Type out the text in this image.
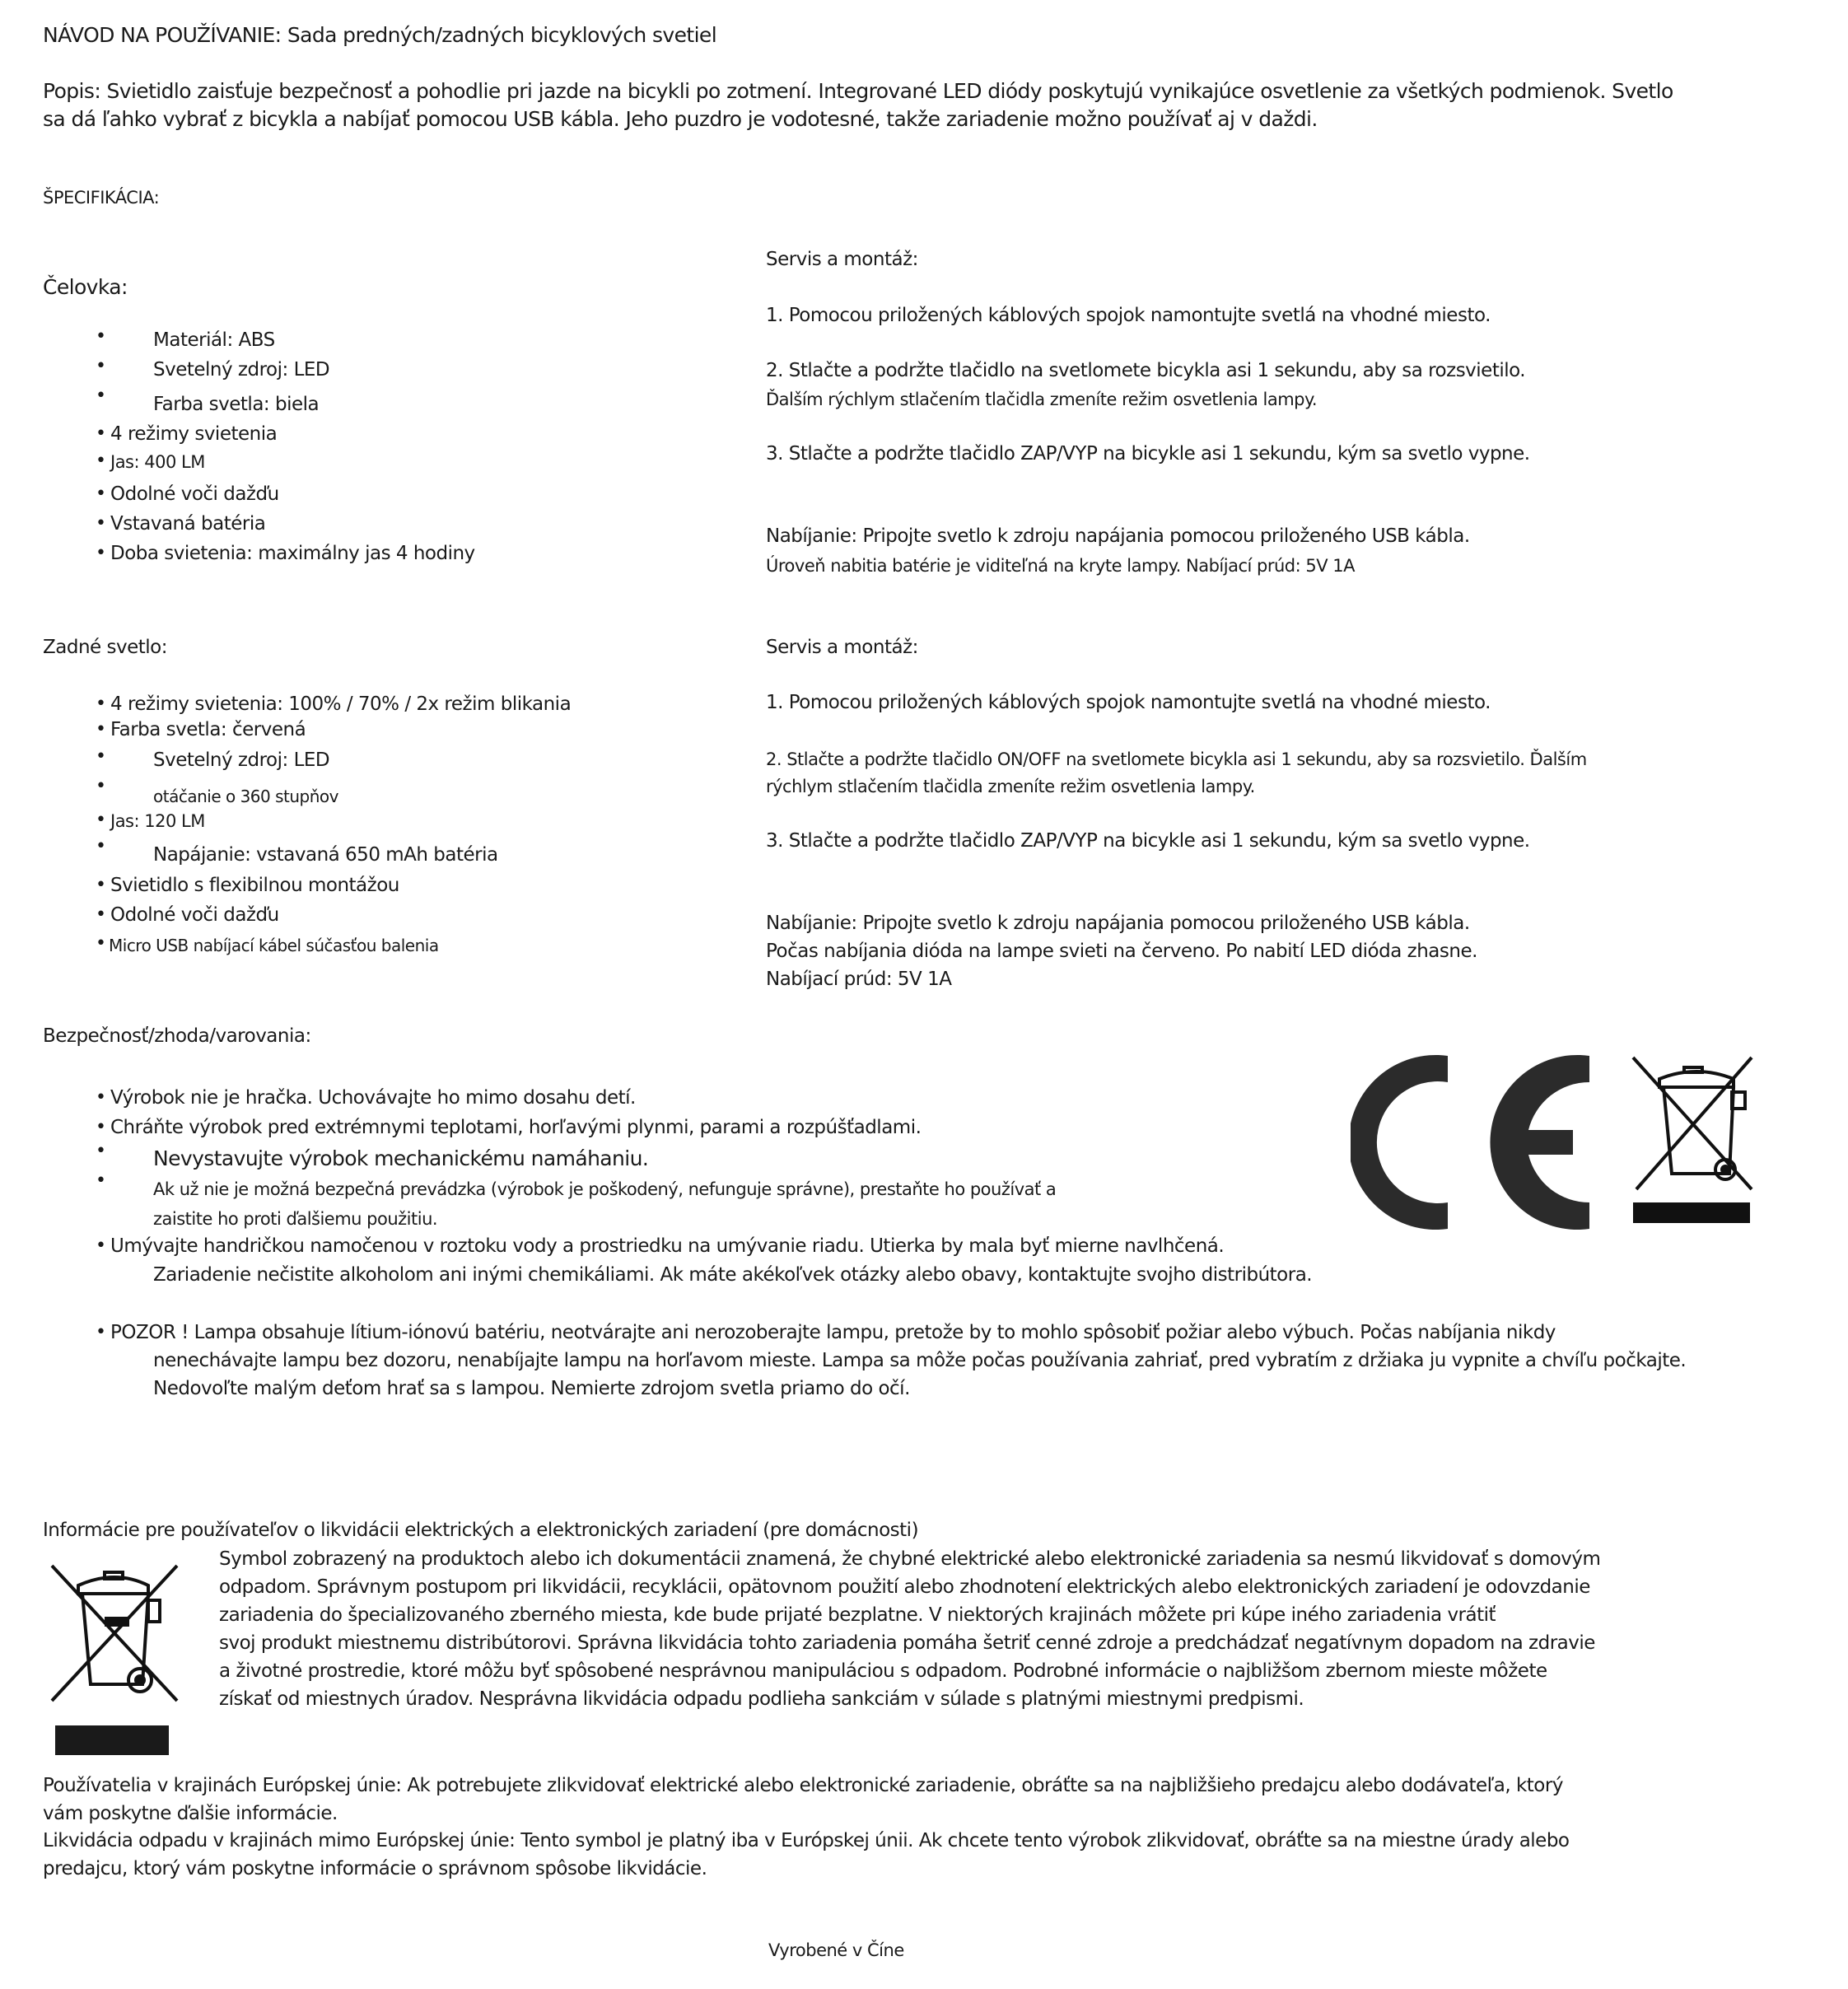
NÁVOD NA POUŽÍVANIE: Sada predných/zadných bicyklových svetiel
Popis: Svietidlo zaisťuje bezpečnosť a pohodlie pri jazde na bicykli po zotmení. Integrované LED diódy poskytujú vynikajúce osvetlenie za všetkých podmienok. Svetlo
sa dá ľahko vybrať z bicykla a nabíjať pomocou USB kábla. Jeho puzdro je vodotesné, takže zariadenie možno používať aj v daždi.
ŠPECIFIKÁCIA:
Čelovka:
• Materiál: ABS
• Svetelný zdroj: LED
• Farba svetla: biela
• 4 režimy svietenia
• Jas: 400 LM
• Odolné voči dažďu
• Vstavaná batéria
• Doba svietenia: maximálny jas 4 hodiny
Servis a montáž:
1. Pomocou priložených káblových spojok namontujte svetlá na vhodné miesto.
2. Stlačte a podržte tlačidlo na svetlomete bicykla asi 1 sekundu, aby sa rozsvietilo.
Ďalším rýchlym stlačením tlačidla zmeníte režim osvetlenia lampy.
3. Stlačte a podržte tlačidlo ZAP/VYP na bicykle asi 1 sekundu, kým sa svetlo vypne.
Nabíjanie: Pripojte svetlo k zdroju napájania pomocou priloženého USB kábla.
Úroveň nabitia batérie je viditeľná na kryte lampy. Nabíjací prúd: 5V 1A
Zadné svetlo:
• 4 režimy svietenia: 100% / 70% / 2x režim blikania
• Farba svetla: červená
• Svetelný zdroj: LED
•	otáčanie o 360 stupňov
• Jas: 120 LM
• Napájanie: vstavaná 650 mAh batéria
• Svietidlo s flexibilnou montážou
• Odolné voči dažďu
• Micro USB nabíjací kábel súčasťou balenia
Servis a montáž:
1. Pomocou priložených káblových spojok namontujte svetlá na vhodné miesto.
2. Stlačte a podržte tlačidlo ON/OFF na svetlomete bicykla asi 1 sekundu, aby sa rozsvietilo. Ďalším
rýchlym stlačením tlačidla zmeníte režim osvetlenia lampy.
3. Stlačte a podržte tlačidlo ZAP/VYP na bicykle asi 1 sekundu, kým sa svetlo vypne.
Nabíjanie: Pripojte svetlo k zdroju napájania pomocou priloženého USB kábla.
Počas nabíjania dióda na lampe svieti na červeno. Po nabití LED dióda zhasne.
Nabíjací prúd: 5V 1A
Bezpečnosť/zhoda/varovania:
• Výrobok nie je hračka. Uchovávajte ho mimo dosahu detí.
• Chráňte výrobok pred extrémnymi teplotami, horľavými plynmi, parami a rozpúšťadlami.
• Nevystavujte výrobok mechanickému namáhaniu.
•	Ak už nie je možná bezpečná prevádzka (výrobok je poškodený, nefunguje správne), prestaňte ho používať a
zaistite ho proti ďalšiemu použitiu.
• Umývajte handričkou namočenou v roztoku vody a prostriedku na umývanie riadu. Utierka by mala byť mierne navlhčená.
Zariadenie nečistite alkoholom ani inými chemikáliami. Ak máte akékoľvek otázky alebo obavy, kontaktujte svojho distribútora.
• POZOR ! Lampa obsahuje lítium-iónovú batériu, neotvárajte ani nerozoberajte lampu, pretože by to mohlo spôsobiť požiar alebo výbuch. Počas nabíjania nikdy
nenechávajte lampu bez dozoru, nenabíjajte lampu na horľavom mieste. Lampa sa môže počas používania zahriať, pred vybratím z držiaka ju vypnite a chvíľu počkajte.
Nedovoľte malým deťom hrať sa s lampou. Nemierte zdrojom svetla priamo do očí.
Informácie pre používateľov o likvidácii elektrických a elektronických zariadení (pre domácnosti)
Symbol zobrazený na produktoch alebo ich dokumentácii znamená, že chybné elektrické alebo elektronické zariadenia sa nesmú likvidovať s domovým
odpadom. Správnym postupom pri likvidácii, recyklácii, opätovnom použití alebo zhodnotení elektrických alebo elektronických zariadení je odovzdanie
zariadenia do špecializovaného zberného miesta, kde bude prijaté bezplatne. V niektorých krajinách môžete pri kúpe iného zariadenia vrátiť
svoj produkt miestnemu distribútorovi. Správna likvidácia tohto zariadenia pomáha šetriť cenné zdroje a predchádzať negatívnym dopadom na zdravie
a životné prostredie, ktoré môžu byť spôsobené nesprávnou manipuláciou s odpadom. Podrobné informácie o najbližšom zbernom mieste môžete
získať od miestnych úradov. Nesprávna likvidácia odpadu podlieha sankciám v súlade s platnými miestnymi predpismi.
Používatelia v krajinách Európskej únie: Ak potrebujete zlikvidovať elektrické alebo elektronické zariadenie, obráťte sa na najbližšieho predajcu alebo dodávateľa, ktorý
vám poskytne ďalšie informácie.
Likvidácia odpadu v krajinách mimo Európskej únie: Tento symbol je platný iba v Európskej únii. Ak chcete tento výrobok zlikvidovať, obráťte sa na miestne úrady alebo
predajcu, ktorý vám poskytne informácie o správnom spôsobe likvidácie.
Vyrobené v Číne
